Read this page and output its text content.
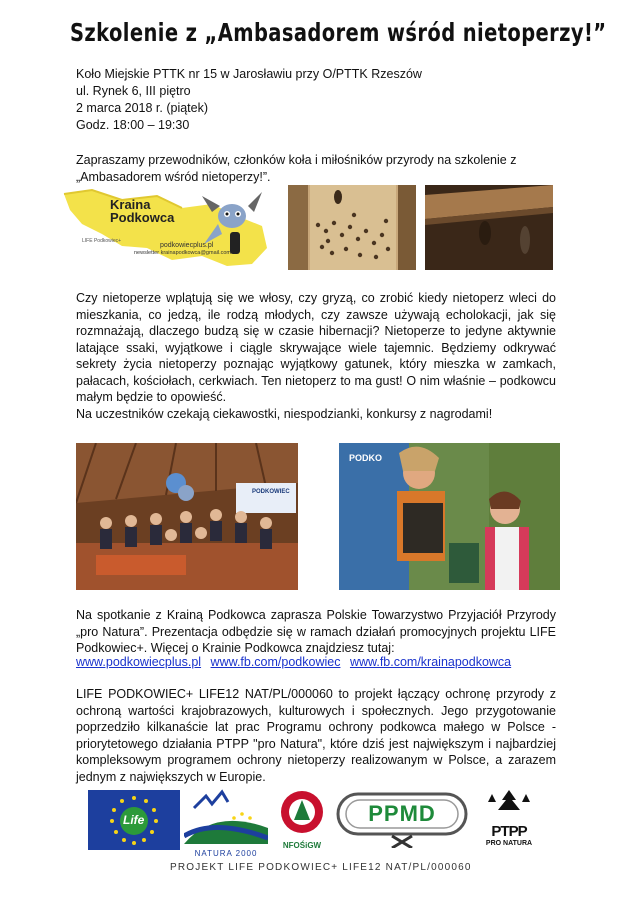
Szkolenie z „Ambasadorem wśród nietoperzy!”
Koło Miejskie PTTK nr 15 w Jarosławiu przy O/PTTK Rzeszów
ul. Rynek 6, III piętro
2 marca 2018 r. (piątek)
Godz. 18:00 – 19:30
Zapraszamy przewodników, członków koła i miłośników przyrody na szkolenie z „Ambasadorem wśród nietoperzy!”.
Kraina Podkowca
LIFE Podkowiec+
podkowiecplus.pl
newsletter krainapodkowca@gmail.com
Czy nietoperze wplątują się we włosy, czy gryzą, co zrobić kiedy nietoperz wleci do mieszkania, co jedzą, ile rodzą młodych, czy zawsze używają echolokacji, jak się rozmnażają, dlaczego budzą się w czasie hibernacji? Nietoperze to jedyne aktywnie latające ssaki, wyjątkowe i ciągle skrywające wiele tajemnic. Będziemy odkrywać sekrety życia nietoperzy poznając wyjątkowy gatunek, który mieszka w zamkach, pałacach, kościołach, cerkwiach. Ten nietoperz to ma gust! O nim właśnie – podkowcu małym będzie to opowieść.
Na uczestników czekają ciekawostki, niespodzianki, konkursy z nagrodami!
PODKOWIEC
PODKO
Na spotkanie z Krainą Podkowca zaprasza Polskie Towarzystwo Przyjaciół Przyrody „pro Natura”. Prezentacja odbędzie się w ramach działań promocyjnych projektu LIFE Podkowiec+. Więcej o Krainie Podkowca znajdziesz tutaj:
www.podkowiecplus.pl www.fb.com/podkowiec www.fb.com/krainapodkowca
LIFE PODKOWIEC+ LIFE12 NAT/PL/000060 to projekt łączący ochronę przyrody z ochroną wartości krajobrazowych, kulturowych i społecznych. Jego przygotowanie poprzedziło kilkanaście lat prac Programu ochrony podkowca małego w Polsce - priorytetowego działania PTPP "pro Natura", które dziś jest największym i najbardziej kompleksowym programem ochrony nietoperzy realizowanym w Polsce, a zarazem jednym z największych w Europie.
Life
NATURA 2000
NFOŚiGW
PPMD
PTPP
PRO NATURA
PROJEKT LIFE PODKOWIEC+ LIFE12 NAT/PL/000060
